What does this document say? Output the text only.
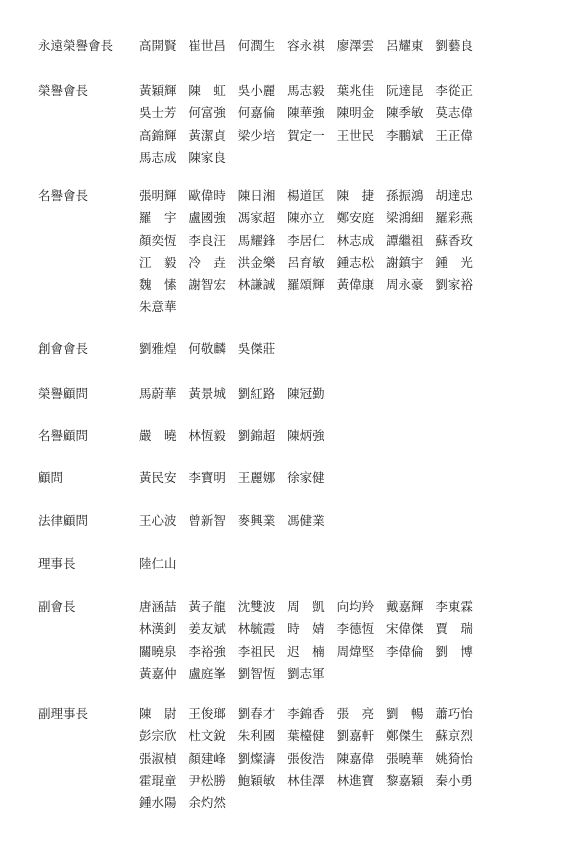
永遠榮譽會長 高開賢 崔世昌 何潤生 容永祺 廖澤雲 呂耀東 劉藝良
榮譽會長	黃穎輝 陳　虹 吳小麗 馬志毅 葉兆佳 阮達昆 李從正
吳士芳 何富強 何嘉倫 陳華強 陳明金 陳季敏 莫志偉
高錦輝 黃潔貞 梁少培 賀定一 王世民 李鵬斌 王正偉
馬志成 陳家良
名譽會長	張明輝 歐偉時 陳日湘 楊道匡 陳　捷 孫振鴻 胡達忠
羅　宇 盧國強 馮家超 陳亦立 鄭安庭 梁鴻細 羅彩燕
顏奕恆 李良汪 馬耀鋒 李居仁 林志成 譚繼祖 蘇香玫
江　毅 冷　垚 洪金樂 呂育敏 鍾志松 謝鎮宇 鍾　光
魏　愫 謝智宏 林謙誠 羅頌輝 黃偉康 周永豪 劉家裕
朱意華
創會會長	劉雅煌 何敬麟 吳傑莊
榮譽顧問	馬蔚華 黃景城 劉紅路 陳冠勤
名譽顧問	嚴　曉 林恆毅 劉錦超 陳炳強
顧問	黃民安 李寶明 王麗娜 徐家健
法律顧問	王心波 曾新智 麥興業 馮健業
理事長	陸仁山
副會長	唐涵喆 黃子龍 沈雙波 周　凱 向均羚 戴嘉輝 李東霖
林漢釗 姜友斌 林毓霞 時　婧 李德恆 宋偉傑 賈　瑞
關曉泉 李裕強 李祖民 迟　楠 周煒堅 李偉倫 劉　博
黃嘉仲 盧庭峯 劉智恆 劉志軍
副理事長	陳　尉 王俊瑯 劉春才 李錦香 張　亮 劉　暢 蕭巧怡
彭宗欣 杜文銳 朱利國 葉檯健 劉嘉軒 鄭傑生 蘇京烈
張淑楨 顏建峰 劉燦濤 張俊浩 陳嘉偉 張曉華 姚猗怡
霍琨童 尹松勝 鮑穎敏 林佳澤 林進寶 黎嘉穎 秦小勇
鍾水陽 余灼然
